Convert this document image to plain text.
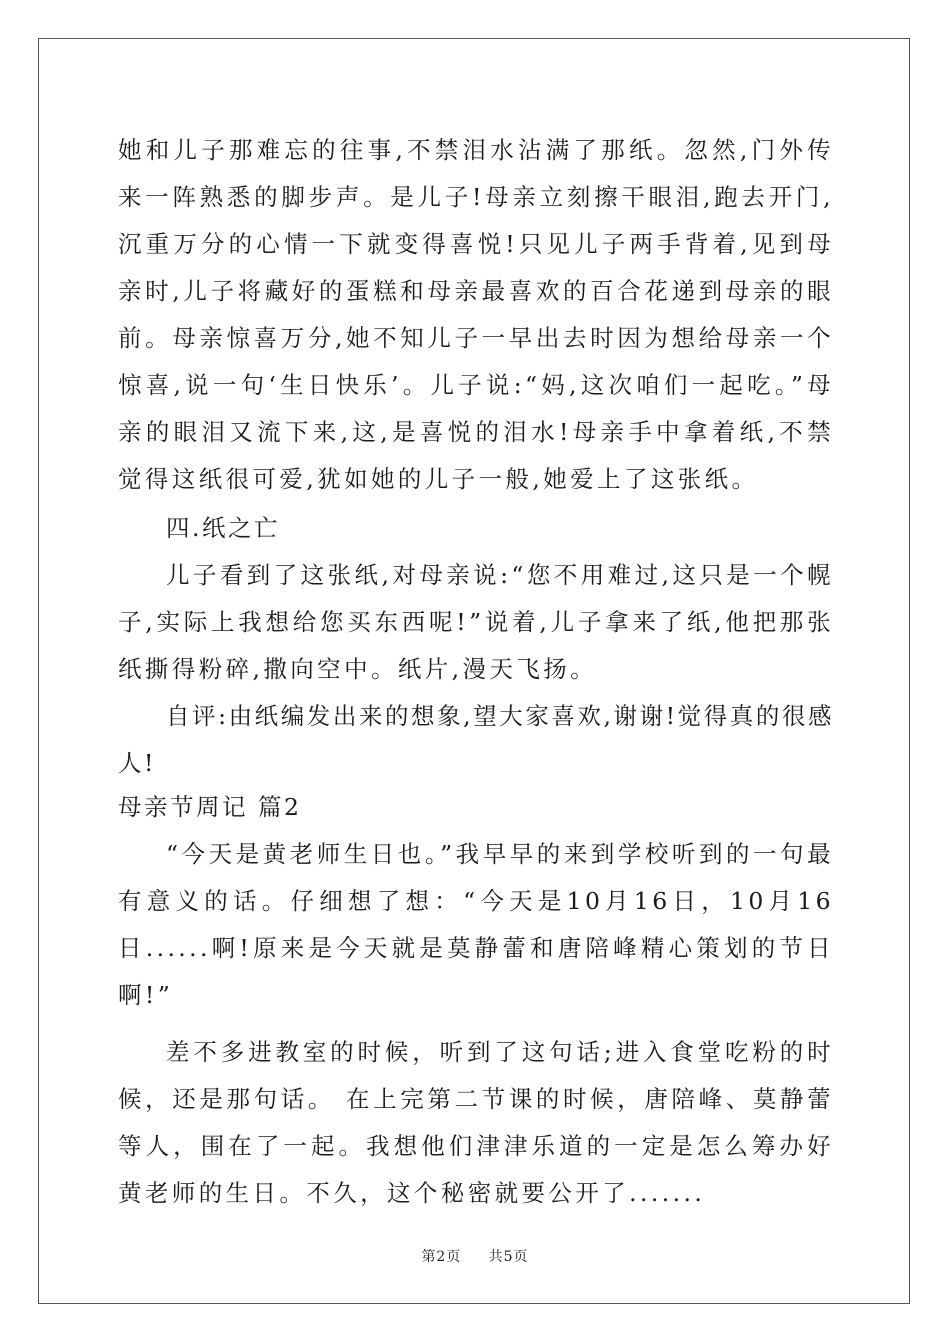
她和儿子那难忘的往事,不禁泪水沾满了那纸。忽然,门外传来一阵熟悉的脚步声。是儿子!母亲立刻擦干眼泪,跑去开门,沉重万分的心情一下就变得喜悦!只见儿子两手背着,见到母亲时,儿子将藏好的蛋糕和母亲最喜欢的百合花递到母亲的眼前。母亲惊喜万分,她不知儿子一早出去时因为想给母亲一个惊喜,说一句‘生日快乐’。儿子说:“妈,这次咱们一起吃。”母亲的眼泪又流下来,这,是喜悦的泪水!母亲手中拿着纸,不禁觉得这纸很可爱,犹如她的儿子一般,她爱上了这张纸。

四.纸之亡

儿子看到了这张纸,对母亲说:“您不用难过,这只是一个幌子,实际上我想给您买东西呢!”说着,儿子拿来了纸,他把那张纸撕得粉碎,撒向空中。纸片,漫天飞扬。

自评:由纸编发出来的想象,望大家喜欢,谢谢!觉得真的很感人!

母亲节周记 篇2

“今天是黄老师生日也。”我早早的来到学校听到的一句最有意义的话。仔细想了想：“今天是10月16日，10月16日......啊!原来是今天就是莫静蕾和唐陪峰精心策划的节日啊!”

差不多进教室的时候，听到了这句话;进入食堂吃粉的时候，还是那句话。 在上完第二节课的时候，唐陪峰、莫静蕾等人，围在了一起。我想他们津津乐道的一定是怎么筹办好黄老师的生日。不久，这个秘密就要公开了.......

第2页 共5页
